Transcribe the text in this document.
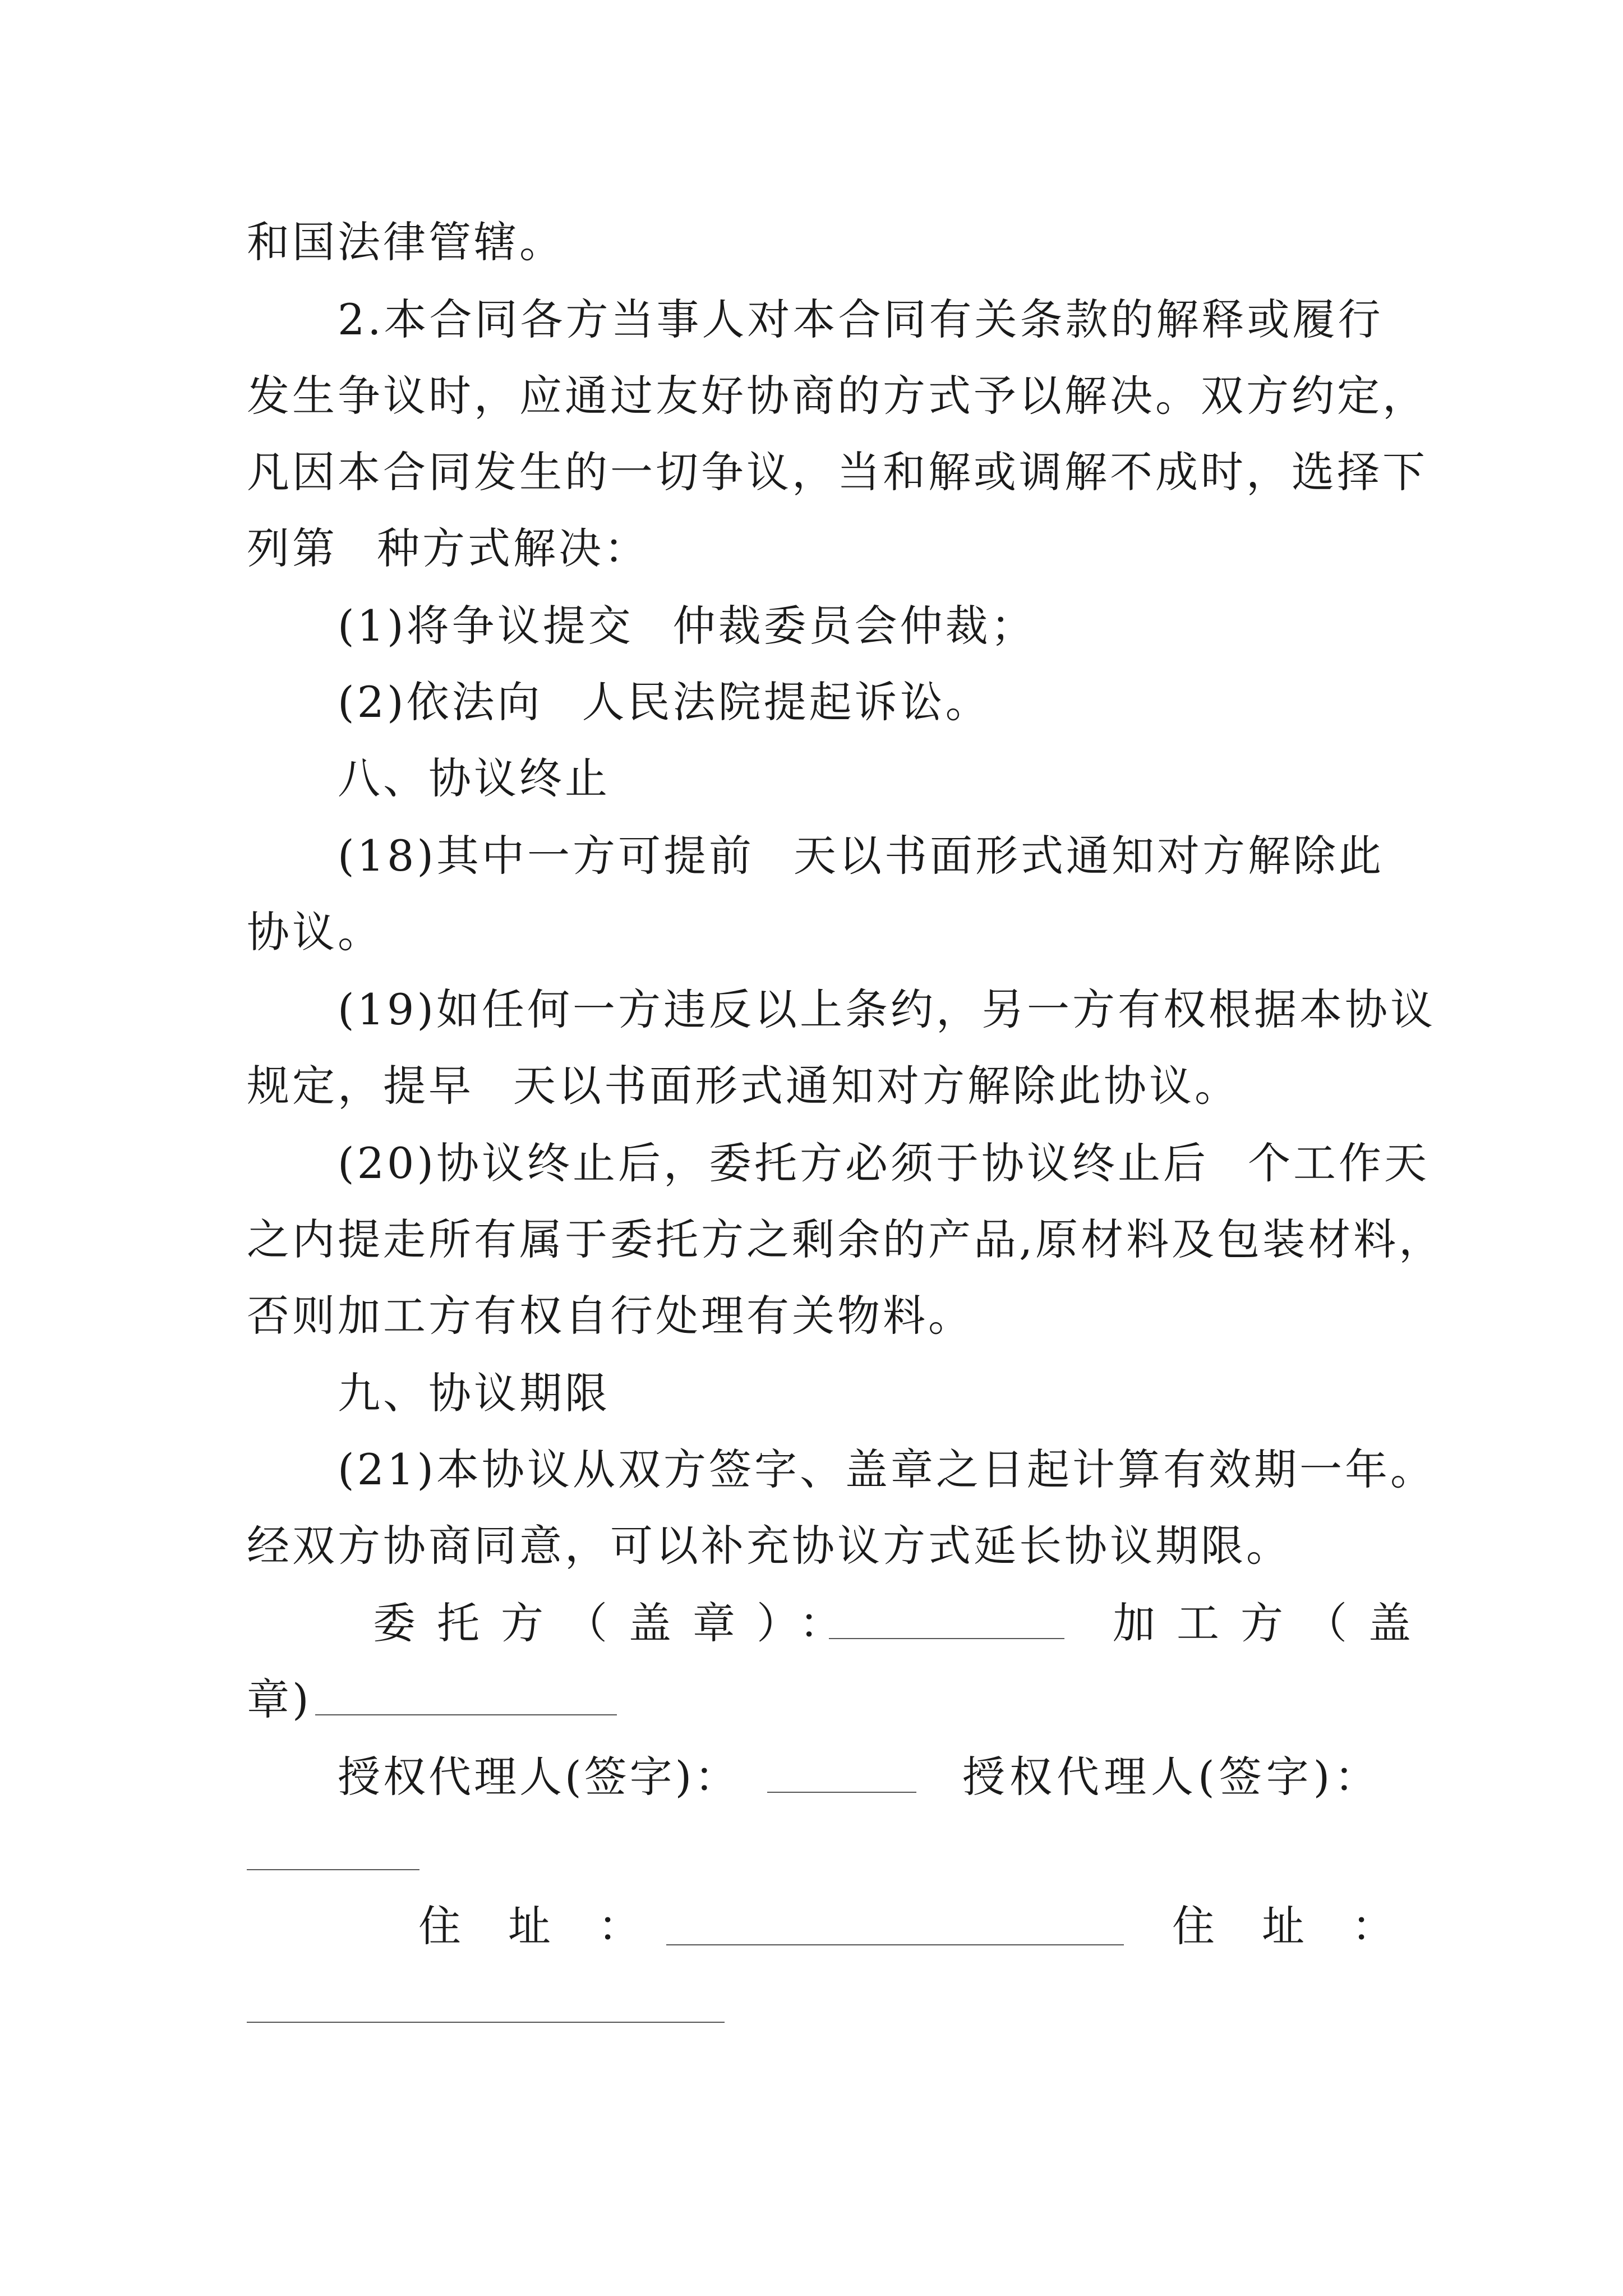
和国法律管辖。
2.本合同各方当事人对本合同有关条款的解释或履行
发生争议时，应通过友好协商的方式予以解决。双方约定，
凡因本合同发生的一切争议，当和解或调解不成时，选择下
列第 种方式解决：
(1)将争议提交 仲裁委员会仲裁；
(2)依法向 人民法院提起诉讼。
八、协议终止
(18)其中一方可提前 天以书面形式通知对方解除此
协议。
(19)如任何一方违反以上条约，另一方有权根据本协议
规定，提早 天以书面形式通知对方解除此协议。
(20)协议终止后，委托方必须于协议终止后 个工作天
之内提走所有属于委托方之剩余的产品,原材料及包装材料，
否则加工方有权自行处理有关物料。
九、协议期限
(21)本协议从双方签字、盖章之日起计算有效期一年。
经双方协商同意，可以补充协议方式延长协议期限。
委托方（盖章）：	加工方（盖
章)
授权代理人(签字)：	授权代理人(签字)：
住址：	住址：
